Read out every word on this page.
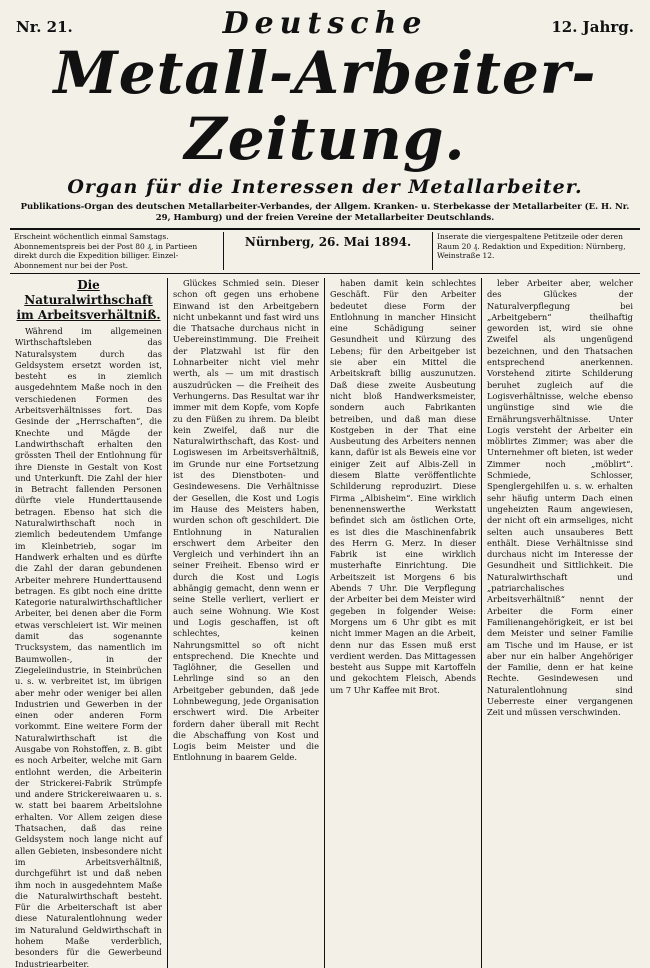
Nr. 21.	Deutsche	12. Jahrg.
Metall-Arbeiter-Zeitung.
Organ für die Interessen der Metallarbeiter.
Publikations-Organ des deutschen Metallarbeiter-Verbandes, der Allgem. Kranken- u. Sterbekasse der Metallarbeiter (E. H. Nr. 29, Hamburg) und der freien Vereine der Metallarbeiter Deutschlands.
Erscheint wöchentlich einmal Samstags. Abonnementspreis bei der Post 80 ₰, in Partieen direkt durch die Expedition billiger. Einzel-Abonnement nur bei der Post.
Nürnberg, 26. Mai 1894.	Inserate die viergespaltene Petitzeile oder deren Raum 20 ₰. Redaktion und Expedition: Nürnberg, Weinstraße 12.
Die Naturalwirthschaft im Arbeitsverhältniß.

Während im allgemeinen Wirthschaftsleben das Naturalsystem durch das Geldsystem ersetzt worden ist, besteht es in ziemlich ausgedehntem Maße noch in den verschiedenen Formen des Arbeitsverhältnisses fort. Das Gesinde der „Herrschaften“, die Knechte und Mägde der Landwirthschaft erhalten den grössten Theil der Entlohnung für ihre Dienste in Gestalt von Kost und Unterkunft. Die Zahl der hier in Betracht fallenden Personen dürfte viele Hunderttausende betragen. Ebenso hat sich die Naturalwirthschaft noch in ziemlich bedeutendem Umfange im Kleinbetrieb, sogar im Handwerk erhalten und es dürfte die Zahl der daran gebundenen Arbeiter mehrere Hunderttausend betragen. Es gibt noch eine dritte Kategorie naturalwirthschaftlicher Arbeiter, bei denen aber die Form etwas verschleiert ist. Wir meinen damit das sogenannte Trucksystem, das namentlich im Baumwollen-, in der Ziegeleiindustrie, in Steinbrüchen u. s. w. verbreitet ist, im übrigen aber mehr oder weniger bei allen Industrien und Gewerben in der einen oder anderen Form vorkommt. Eine weitere Form der Naturalwirthschaft ist die Ausgabe von Rohstoffen, z. B. gibt es noch Arbeiter, welche mit Garn entlohnt werden, die Arbeiterin der Strickerei-Fabrik Strümpfe und andere Strickereiwaaren u. s. w. statt bei baarem Arbeitslohne erhalten. Vor Allem zeigen diese Thatsachen, daß das reine Geldsystem noch lange nicht auf allen Gebieten, insbesondere nicht im Arbeitsverhältniß, durchgeführt ist und daß neben ihm noch in ausgedehntem Maße die Naturalwirthschaft besteht. Für die Arbeiterschaft ist aber diese Naturalentlohnung weder im Naturalund Geldwirthschaft in hohem Maße verderblich, besonders für die Gewerbeund Industriearbeiter.

Glückes Schmied sein. Dieser schon oft gegen uns erhobene Einwand ist den Arbeitgebern nicht unbekannt und fast wird uns die Thatsache durchaus nicht in Uebereinstimmung. Die Freiheit der Platzwahl ist für den Lohnarbeiter nicht viel mehr werth, als — um mit drastisch auszudrücken — die Freiheit des Verhungerns. Das Resultat war ihr immer mit dem Kopfe, vom Kopfe zu den Füßen zu ihrem. Da bleibt kein Zweifel, daß nur die Naturalwirthschaft, das Kost- und Logiswesen im Arbeitsverhältniß, im Grunde nur eine Fortsetzung ist des Dienstboten- und Gesindewesens. Die Verhältnisse der Gesellen, die Kost und Logis im Hause des Meisters haben, wurden schon oft geschildert. Die Entlohnung in Naturalien erschwert dem Arbeiter den Vergleich und verhindert ihn an seiner Freiheit. Ebenso wird er durch die Kost und Logis abhängig gemacht, denn wenn er seine Stelle verliert, verliert er auch seine Wohnung. Wie Kost und Logis geschaffen, ist oft schlechtes, keinen Nahrungsmittel so oft nicht entsprechend. Die Knechte und Taglöhner, die Gesellen und Lehrlinge sind so an den Arbeitgeber gebunden, daß jede Lohnbewegung, jede Organisation erschwert wird. Die Arbeiter fordern daher überall mit Recht die Abschaffung von Kost und Logis beim Meister und die Entlohnung in baarem Gelde.

haben damit kein schlechtes Geschäft. Für den Arbeiter bedeutet diese Form der Entlohnung in mancher Hinsicht eine Schädigung seiner Gesundheit und Kürzung des Lebens; für den Arbeitgeber ist sie aber ein Mittel die Arbeitskraft billig auszunutzen. Daß diese zweite Ausbeutung nicht bloß Handwerksmeister, sondern auch Fabrikanten betreiben, und daß man diese Kostgeben in der That eine Ausbeutung des Arbeiters nennen kann, dafür ist als Beweis eine vor einiger Zeit auf Albis-Zell in diesem Blatte veröffentlichte Schilderung reproduzirt. Diese Firma „Albisheim“. Eine wirklich benennenswerthe Werkstatt befindet sich am östlichen Orte, es ist dies die Maschinenfabrik des Herrn G. Merz. In dieser Fabrik ist eine wirklich musterhafte Einrichtung. Die Arbeitszeit ist Morgens 6 bis Abends 7 Uhr. Die Verpflegung der Arbeiter bei dem Meister wird gegeben in folgender Weise: Morgens um 6 Uhr gibt es mit nicht immer Magen an die Arbeit, denn nur das Essen muß erst verdient werden. Das Mittagessen besteht aus Suppe mit Kartoffeln und gekochtem Fleisch, Abends um 7 Uhr Kaffee mit Brot.

leber Arbeiter aber, welcher des Glückes der Naturalverpflegung bei „Arbeitgebern“ theilhaftig geworden ist, wird sie ohne Zweifel als ungenügend bezeichnen, und den Thatsachen entsprechend anerkennen. Vorstehend zitirte Schilderung beruhet zugleich auf die Logisverhältnisse, welche ebenso ungünstige sind wie die Ernährungsverhältnisse. Unter Logis versteht der Arbeiter ein möblirtes Zimmer; was aber die Unternehmer oft bieten, ist weder Zimmer noch „möblirt“. Schmiede, Schlosser, Spenglergehilfen u. s. w. erhalten sehr häufig unterm Dach einen ungeheizten Raum angewiesen, der nicht oft ein armseliges, nicht selten auch unsauberes Bett enthält. Diese Verhältnisse sind durchaus nicht im Interesse der Gesundheit und Sittlichkeit. Die Naturalwirthschaft und „patriarchalisches Arbeitsverhältniß“ nennt der Arbeiter die Form einer Familienangehörigkeit, er ist bei dem Meister und seiner Familie am Tische und im Hause, er ist aber nur ein halber Angehöriger der Familie, denn er hat keine Rechte. Gesindewesen und Naturalentlohnung sind Ueberreste einer vergangenen Zeit und müssen verschwinden.
